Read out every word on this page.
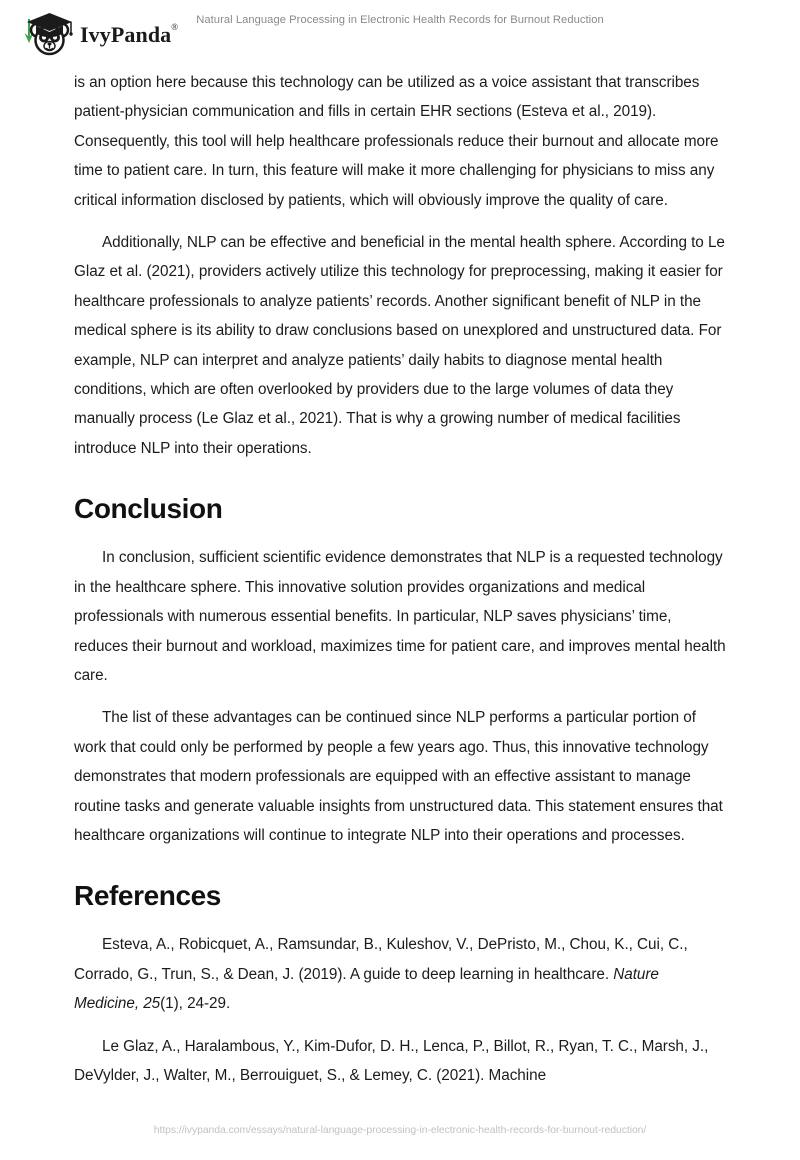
IvyPanda®
Natural Language Processing in Electronic Health Records for Burnout Reduction

is an option here because this technology can be utilized as a voice assistant that transcribes patient-physician communication and fills in certain EHR sections (Esteva et al., 2019). Consequently, this tool will help healthcare professionals reduce their burnout and allocate more time to patient care. In turn, this feature will make it more challenging for physicians to miss any critical information disclosed by patients, which will obviously improve the quality of care.

Additionally, NLP can be effective and beneficial in the mental health sphere. According to Le Glaz et al. (2021), providers actively utilize this technology for preprocessing, making it easier for healthcare professionals to analyze patients’ records. Another significant benefit of NLP in the medical sphere is its ability to draw conclusions based on unexplored and unstructured data. For example, NLP can interpret and analyze patients’ daily habits to diagnose mental health conditions, which are often overlooked by providers due to the large volumes of data they manually process (Le Glaz et al., 2021). That is why a growing number of medical facilities introduce NLP into their operations.

Conclusion

In conclusion, sufficient scientific evidence demonstrates that NLP is a requested technology in the healthcare sphere. This innovative solution provides organizations and medical professionals with numerous essential benefits. In particular, NLP saves physicians’ time, reduces their burnout and workload, maximizes time for patient care, and improves mental health care.

The list of these advantages can be continued since NLP performs a particular portion of work that could only be performed by people a few years ago. Thus, this innovative technology demonstrates that modern professionals are equipped with an effective assistant to manage routine tasks and generate valuable insights from unstructured data. This statement ensures that healthcare organizations will continue to integrate NLP into their operations and processes.

References

Esteva, A., Robicquet, A., Ramsundar, B., Kuleshov, V., DePristo, M., Chou, K., Cui, C., Corrado, G., Trun, S., & Dean, J. (2019). A guide to deep learning in healthcare. Nature Medicine, 25(1), 24-29.

Le Glaz, A., Haralambous, Y., Kim-Dufor, D. H., Lenca, P., Billot, R., Ryan, T. C., Marsh, J., DeVylder, J., Walter, M., Berrouiguet, S., & Lemey, C. (2021). Machine

https://ivypanda.com/essays/natural-language-processing-in-electronic-health-records-for-burnout-reduction/
